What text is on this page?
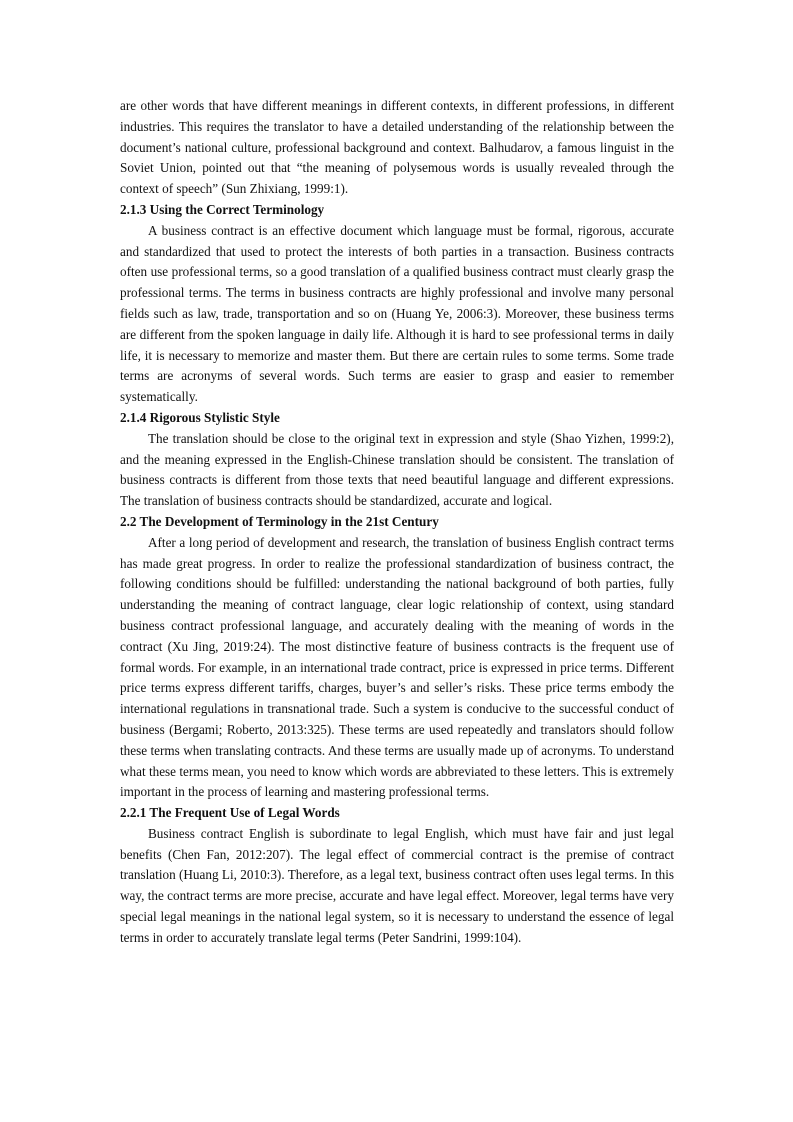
are other words that have different meanings in different contexts, in different professions, in different industries. This requires the translator to have a detailed understanding of the relationship between the document’s national culture, professional background and context. Balhudarov, a famous linguist in the Soviet Union, pointed out that “the meaning of polysemous words is usually revealed through the context of speech” (Sun Zhixiang, 1999:1).

2.1.3 Using the Correct Terminology

A business contract is an effective document which language must be formal, rigorous, accurate and standardized that used to protect the interests of both parties in a transaction. Business contracts often use professional terms, so a good translation of a qualified business contract must clearly grasp the professional terms. The terms in business contracts are highly professional and involve many personal fields such as law, trade, transportation and so on (Huang Ye, 2006:3). Moreover, these business terms are different from the spoken language in daily life. Although it is hard to see professional terms in daily life, it is necessary to memorize and master them. But there are certain rules to some terms. Some trade terms are acronyms of several words. Such terms are easier to grasp and easier to remember systematically.

2.1.4 Rigorous Stylistic Style

The translation should be close to the original text in expression and style (Shao Yizhen, 1999:2), and the meaning expressed in the English-Chinese translation should be consistent. The translation of business contracts is different from those texts that need beautiful language and different expressions. The translation of business contracts should be standardized, accurate and logical.

2.2 The Development of Terminology in the 21st Century

After a long period of development and research, the translation of business English contract terms has made great progress. In order to realize the professional standardization of business contract, the following conditions should be fulfilled: understanding the national background of both parties, fully understanding the meaning of contract language, clear logic relationship of context, using standard business contract professional language, and accurately dealing with the meaning of words in the contract (Xu Jing, 2019:24). The most distinctive feature of business contracts is the frequent use of formal words. For example, in an international trade contract, price is expressed in price terms. Different price terms express different tariffs, charges, buyer’s and seller’s risks. These price terms embody the international regulations in transnational trade. Such a system is conducive to the successful conduct of business (Bergami; Roberto, 2013:325). These terms are used repeatedly and translators should follow these terms when translating contracts. And these terms are usually made up of acronyms. To understand what these terms mean, you need to know which words are abbreviated to these letters. This is extremely important in the process of learning and mastering professional terms.

2.2.1 The Frequent Use of Legal Words

Business contract English is subordinate to legal English, which must have fair and just legal benefits (Chen Fan, 2012:207). The legal effect of commercial contract is the premise of contract translation (Huang Li, 2010:3). Therefore, as a legal text, business contract often uses legal terms. In this way, the contract terms are more precise, accurate and have legal effect. Moreover, legal terms have very special legal meanings in the national legal system, so it is necessary to understand the essence of legal terms in order to accurately translate legal terms (Peter Sandrini, 1999:104).
